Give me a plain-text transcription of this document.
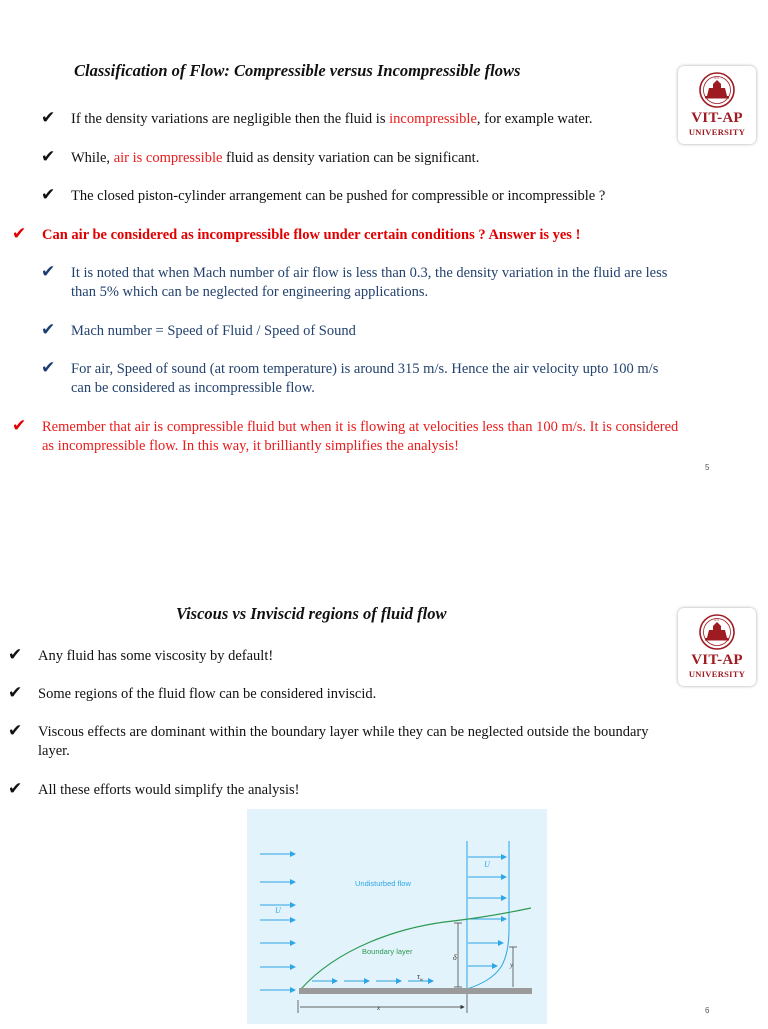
Classification of Flow: Compressible versus Incompressible flows	VIT
VIT-AP
UNIVERSITY
✔ If the density variations are negligible then the fluid is incompressible, for example water.
✔ While, air is compressible fluid as density variation can be significant.
✔ The closed piston-cylinder arrangement can be pushed for compressible or incompressible ?
✔ Can air be considered as incompressible flow under certain conditions ? Answer is yes !
✔ It is noted that when Mach number of air flow is less than 0.3, the density variation in the fluid are less than 5% which can be neglected for engineering applications.
✔ Mach number = Speed of Fluid / Speed of Sound
✔ For air, Speed of sound (at room temperature) is around 315 m/s. Hence the air velocity upto 100 m/s can be considered as incompressible flow.
✔ Remember that air is compressible fluid but when it is flowing at velocities less than 100 m/s. It is considered as incompressible flow. In this way, it brilliantly simplifies the analysis!
5
Viscous vs Inviscid regions of fluid flow	VIT
VIT-AP
UNIVERSITY
✔ Any fluid has some viscosity by default!
✔ Some regions of the fluid flow can be considered inviscid.
✔ Viscous effects are dominant within the boundary layer while they can be neglected outside the boundary layer.
✔ All these efforts would simplify the analysis!
Undisturbed flow
Boundary layer
U
U
δ
y
$\tau_w$
x	6
